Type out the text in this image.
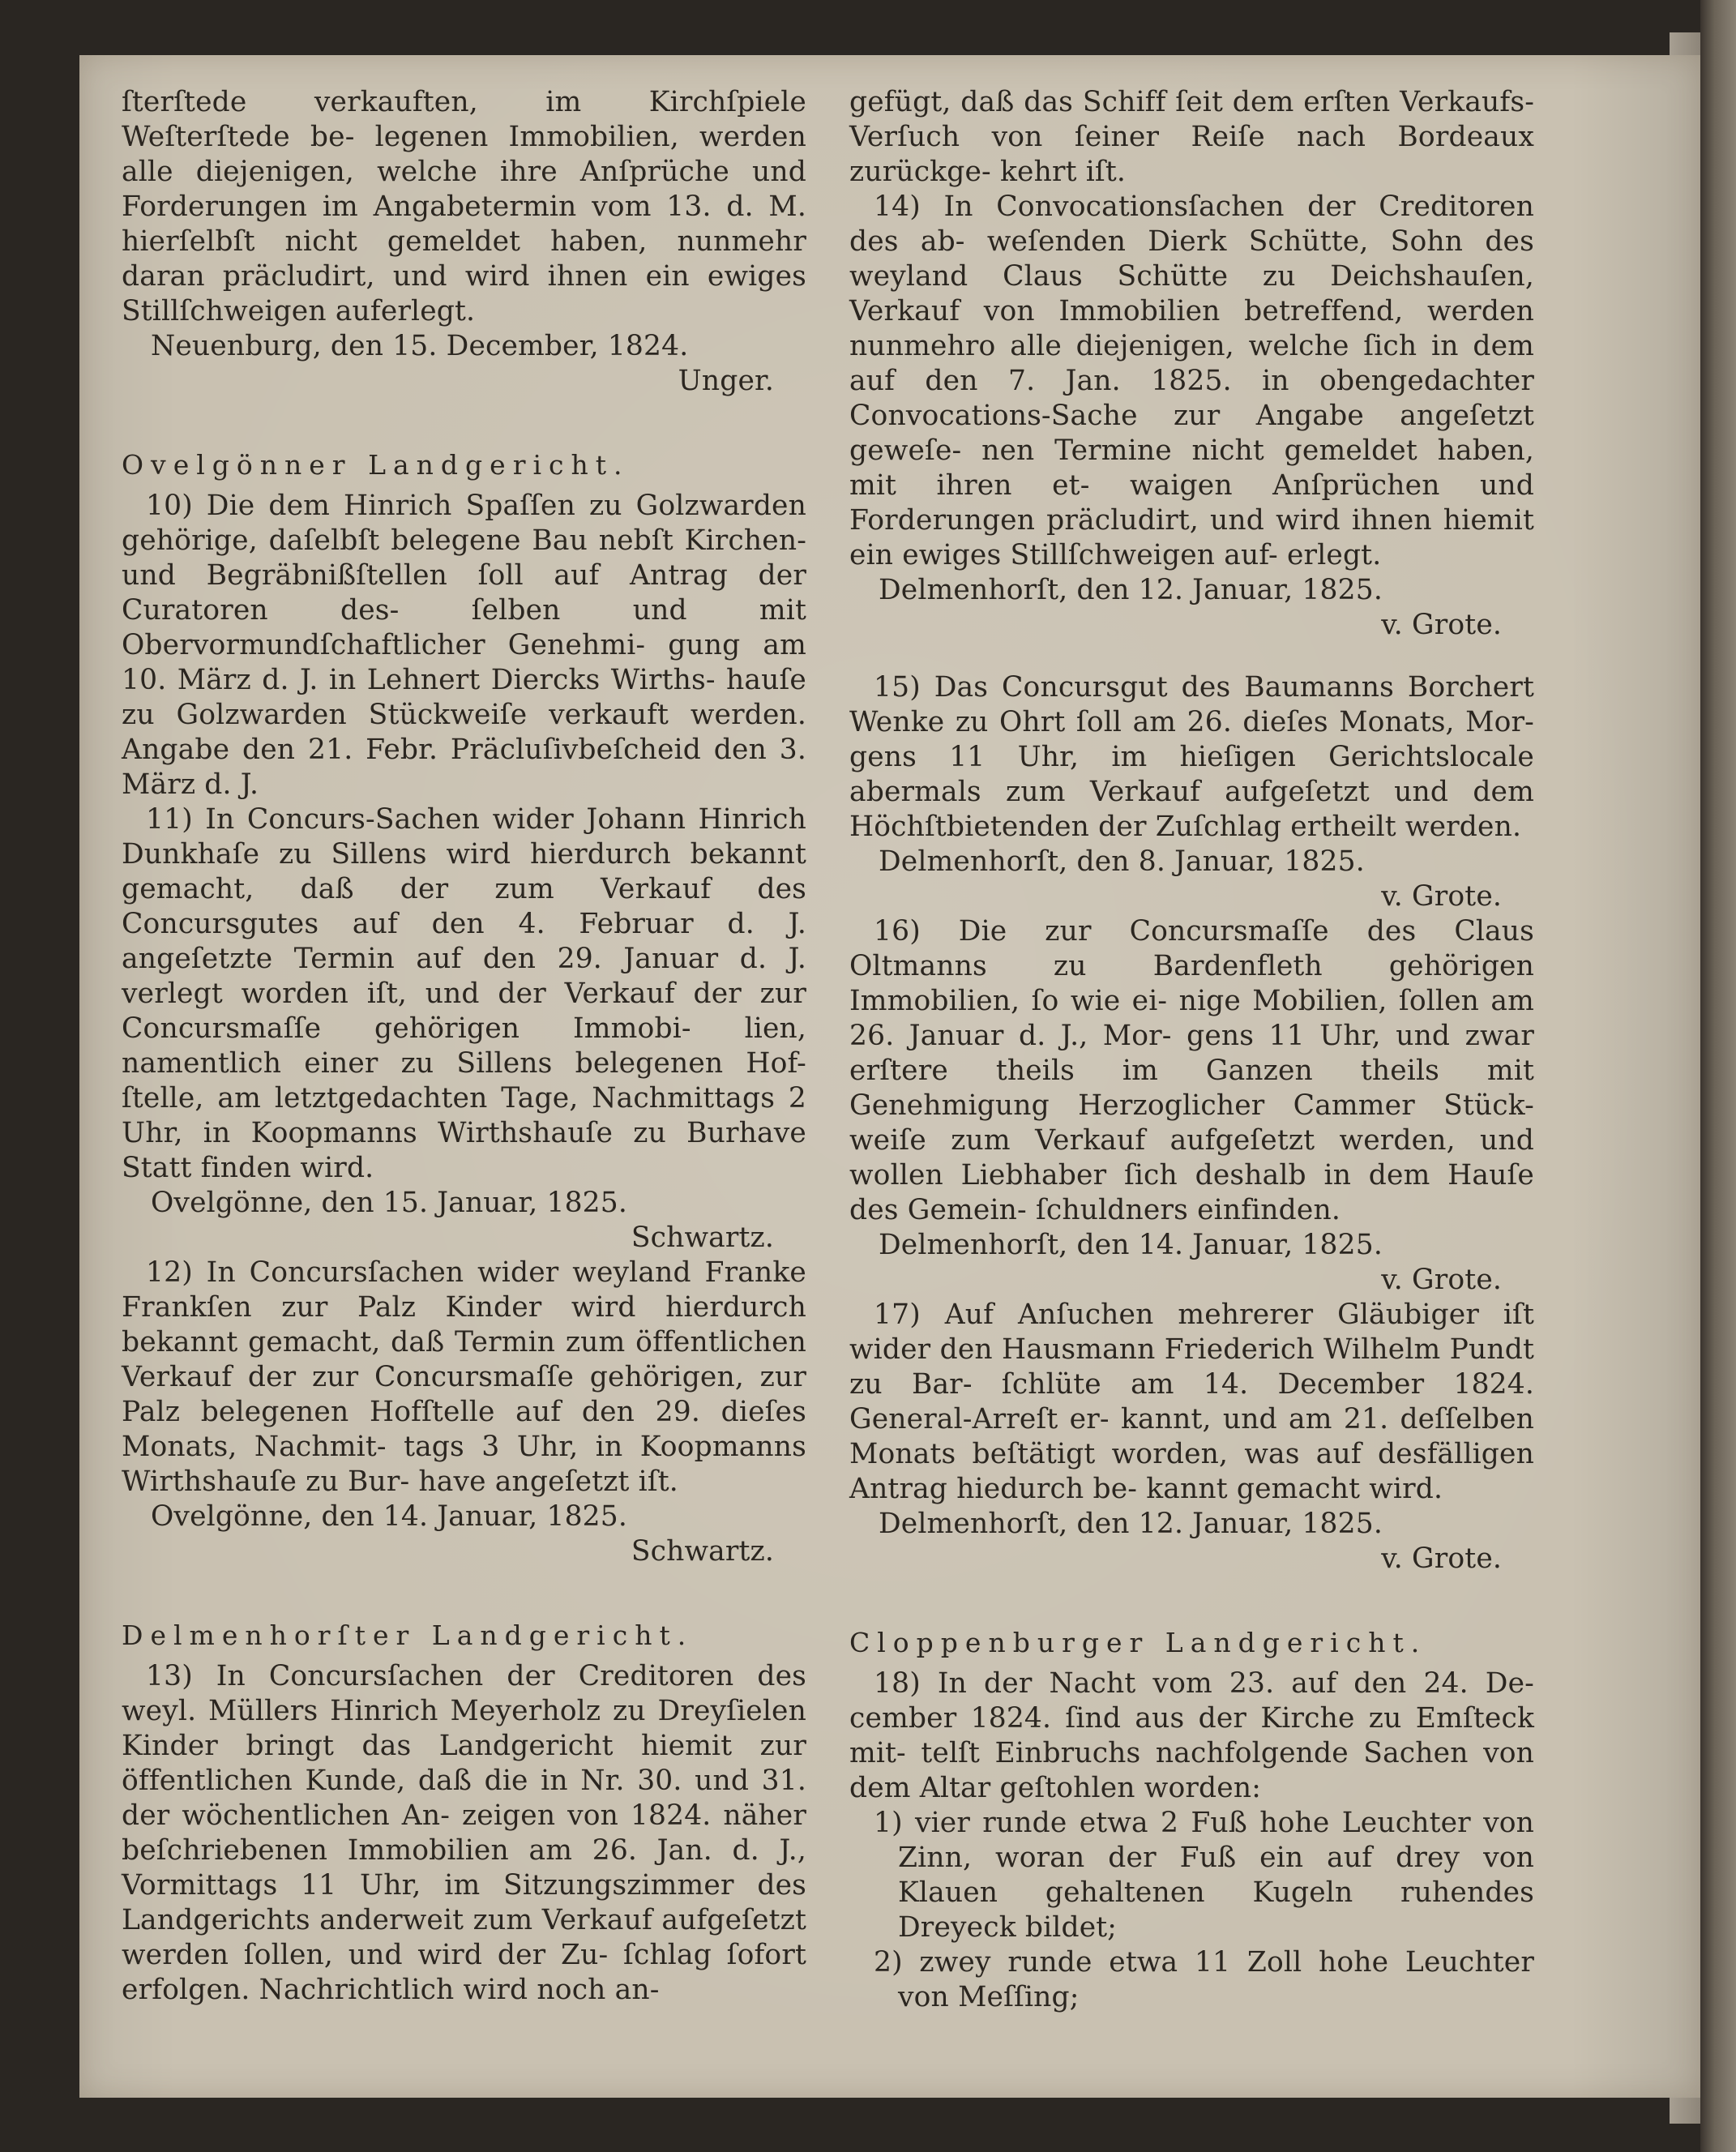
ſterſtede verkauften, im Kirchſpiele Weſterſtede be- legenen Immobilien, werden alle diejenigen, welche ihre Anſprüche und Forderungen im Angabetermin vom 13. d. M. hierſelbſt nicht gemeldet haben, nunmehr daran präcludirt, und wird ihnen ein ewiges Stillſchweigen auferlegt.

Neuenburg, den 15. December, 1824.

Unger.

Ovelgönner Landgericht.

10) Die dem Hinrich Spaſſen zu Golzwarden gehörige, daſelbſt belegene Bau nebſt Kirchen- und Begräbnißſtellen ſoll auf Antrag der Curatoren des-	ſelben und mit Obervormundſchaftlicher Genehmi- gung am 10. März d. J. in Lehnert Diercks Wirths- hauſe zu Golzwarden Stückweiſe verkauft werden. Angabe den 21. Febr. Präcluſivbeſcheid den 3. März d. J.

11) In Concurs-Sachen wider Johann Hinrich Dunkhaſe zu Sillens wird hierdurch bekannt gemacht, daß der zum Verkauf des Concursgutes auf den 4. Februar d. J. angeſetzte Termin auf den 29. Januar d. J. verlegt worden iſt, und der Verkauf der zur Concursmaſſe gehörigen Immobi- lien, namentlich einer zu Sillens belegenen Hof- ſtelle, am letztgedachten Tage, Nachmittags 2 Uhr, in Koopmanns Wirthshauſe zu Burhave Statt finden wird.

Ovelgönne, den 15. Januar, 1825.

Schwartz.

12) In Concursſachen wider weyland Franke Frankſen zur Palz Kinder wird hierdurch bekannt gemacht, daß Termin zum öffentlichen Verkauf der zur Concursmaſſe gehörigen, zur Palz belegenen Hofſtelle auf den 29. dieſes Monats, Nachmit- tags 3 Uhr, in Koopmanns Wirthshauſe zu Bur- have angeſetzt iſt.

Ovelgönne, den 14. Januar, 1825.

Schwartz.

Delmenhorſter Landgericht.

13) In Concursſachen der Creditoren des weyl. Müllers Hinrich Meyerholz zu Dreyſielen Kinder bringt das Landgericht hiemit zur öffentlichen Kunde, daß die in Nr. 30. und 31. der wöchentlichen An- zeigen von 1824. näher beſchriebenen Immobilien am 26. Jan. d. J., Vormittags 11 Uhr, im Sitzungszimmer des Landgerichts anderweit zum Verkauf aufgeſetzt werden ſollen, und wird der Zu- ſchlag ſofort erfolgen. Nachrichtlich wird noch an-

gefügt, daß das Schiff ſeit dem erſten Verkaufs- Verſuch von ſeiner Reiſe nach Bordeaux zurückge- kehrt iſt.

14) In Convocationsſachen der Creditoren des ab- weſenden Dierk Schütte, Sohn des weyland Claus Schütte zu Deichshauſen, Verkauf von Immobilien betreffend, werden nunmehro alle diejenigen, welche ſich in dem auf den 7. Jan. 1825. in obengedachter Convocations-Sache zur Angabe angeſetzt geweſe- nen Termine nicht gemeldet haben, mit ihren et- waigen Anſprüchen und Forderungen präcludirt, und wird ihnen hiemit ein ewiges Stillſchweigen auf- erlegt.

Delmenhorſt, den 12. Januar, 1825.

v. Grote.

15) Das Concursgut des Baumanns Borchert Wenke zu Ohrt ſoll am 26. dieſes Monats, Mor- gens 11 Uhr, im hieſigen Gerichtslocale abermals zum Verkauf aufgeſetzt und dem Höchſtbietenden der Zuſchlag ertheilt werden.

Delmenhorſt, den 8. Januar, 1825.

v. Grote.

16) Die zur Concursmaſſe des Claus Oltmanns zu Bardenfleth gehörigen Immobilien, ſo wie ei- nige Mobilien, ſollen am 26. Januar d. J., Mor- gens 11 Uhr, und zwar erſtere theils im Ganzen theils mit Genehmigung Herzoglicher Cammer Stück- weiſe zum Verkauf aufgeſetzt werden, und wollen Liebhaber ſich deshalb in dem Hauſe des Gemein- ſchuldners einfinden.

Delmenhorſt, den 14. Januar, 1825.

v. Grote.

17) Auf Anſuchen mehrerer Gläubiger iſt wider den Hausmann Friederich Wilhelm Pundt zu Bar- ſchlüte am 14. December 1824. General-Arreſt er- kannt, und am 21. deſſelben Monats beſtätigt worden, was auf desfälligen Antrag hiedurch be- kannt gemacht wird.

Delmenhorſt, den 12. Januar, 1825.

v. Grote.

Cloppenburger Landgericht.

18) In der Nacht vom 23. auf den 24. De- cember 1824. ſind aus der Kirche zu Emſteck mit- telſt Einbruchs nachfolgende Sachen von dem Altar geſtohlen worden:

1) vier runde etwa 2 Fuß hohe Leuchter von Zinn, woran der Fuß ein auf drey von Klauen gehaltenen Kugeln ruhendes Dreyeck bildet;

2) zwey runde etwa 11 Zoll hohe Leuchter von Meſſing;
